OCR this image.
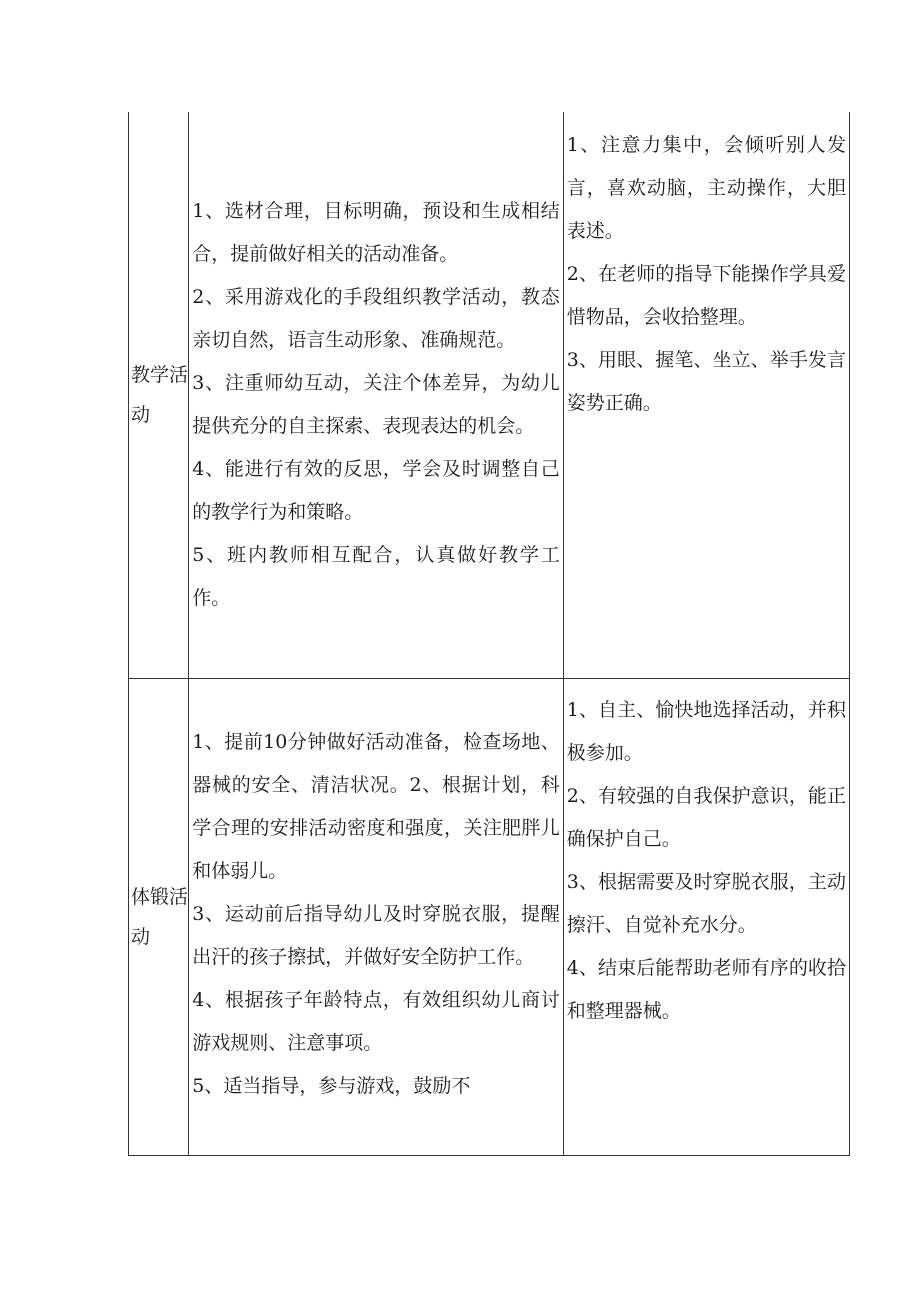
教学活动	1、选材合理，目标明确，预设和生成相结合，提前做好相关的活动准备。
2、采用游戏化的手段组织教学活动，教态亲切自然，语言生动形象、准确规范。
3、注重师幼互动，关注个体差异，为幼儿提供充分的自主探索、表现表达的机会。
4、能进行有效的反思，学会及时调整自己的教学行为和策略。
5、班内教师相互配合，认真做好教学工作。	1、注意力集中，会倾听别人发言，喜欢动脑，主动操作，大胆表述。
2、在老师的指导下能操作学具爱惜物品，会收拾整理。
3、用眼、握笔、坐立、举手发言姿势正确。

体锻活动	1、提前10分钟做好活动准备，检查场地、器械的安全、清洁状况。2、根据计划，科学合理的安排活动密度和强度，关注肥胖儿和体弱儿。
3、运动前后指导幼儿及时穿脱衣服，提醒出汗的孩子擦拭，并做好安全防护工作。
4、根据孩子年龄特点，有效组织幼儿商讨游戏规则、注意事项。
5、适当指导，参与游戏，鼓励不	1、自主、愉快地选择活动，并积极参加。
2、有较强的自我保护意识，能正确保护自己。
3、根据需要及时穿脱衣服，主动擦汗、自觉补充水分。
4、结束后能帮助老师有序的收拾和整理器械。
